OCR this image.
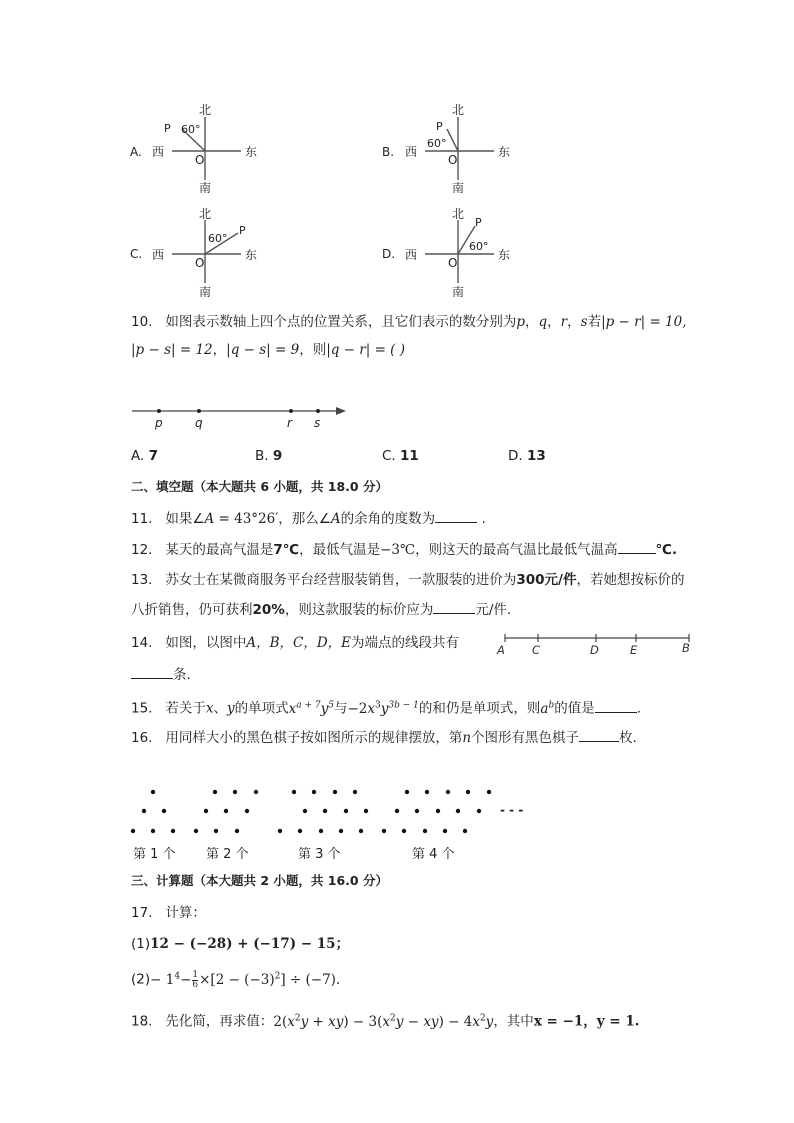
A. 西	东
北
南
O
P 60°
B. 西	东
北
南
O
P
60°
C. 西	东
北
南
O
P
60°
D. 西	东
北
南
O
P
60°
10. 如图表示数轴上四个点的位置关系，且它们表示的数分别为p，q，r，s若|p − r| = 10,
|p − s| = 12，|q − s| = 9，则|q − r| = ( )
p	q	r s
A. 7	B. 9	C. 11	D. 13
二、填空题（本大题共 6 小题，共 18.0 分）
11. 如果∠A = 43°26′，那么∠A的余角的度数为	.
12. 某天的最高气温是7℃，最低气温是−3℃，则这天的最高气温比最低气温高	℃.
13. 苏女士在某微商服务平台经营服装销售，一款服装的进价为300元/件，若她想按标价的
八折销售，仍可获利20%，则这款服装的标价应为	元/件.
14. 如图，以图中A，B，C，D，E为端点的线段共有
条.
A C	D	E	B
15. 若关于x、y的单项式$x^{a + 7}y^5$与$-2x^3y^{3b - 1}$的和仍是单项式，则$a^b$的值是	.
16. 用同样大小的黑色棋子按如图所示的规律摆放，第n个图形有黑色棋子	枚.
- - -
第 1 个 第 2 个	第 3 个	第 4 个
三、计算题（本大题共 2 小题，共 16.0 分）
17. 计算：
(1)12 − (−28) + (−17) − 15；
$(2)- 1^4- \frac{1}{6} \times[2 - (-3)^2] \div (-7)$.
18. 先化简，再求值：$2(x^2y + xy) - 3(x^2y - xy) - 4x^2y$，其中x = −1，y = 1.
